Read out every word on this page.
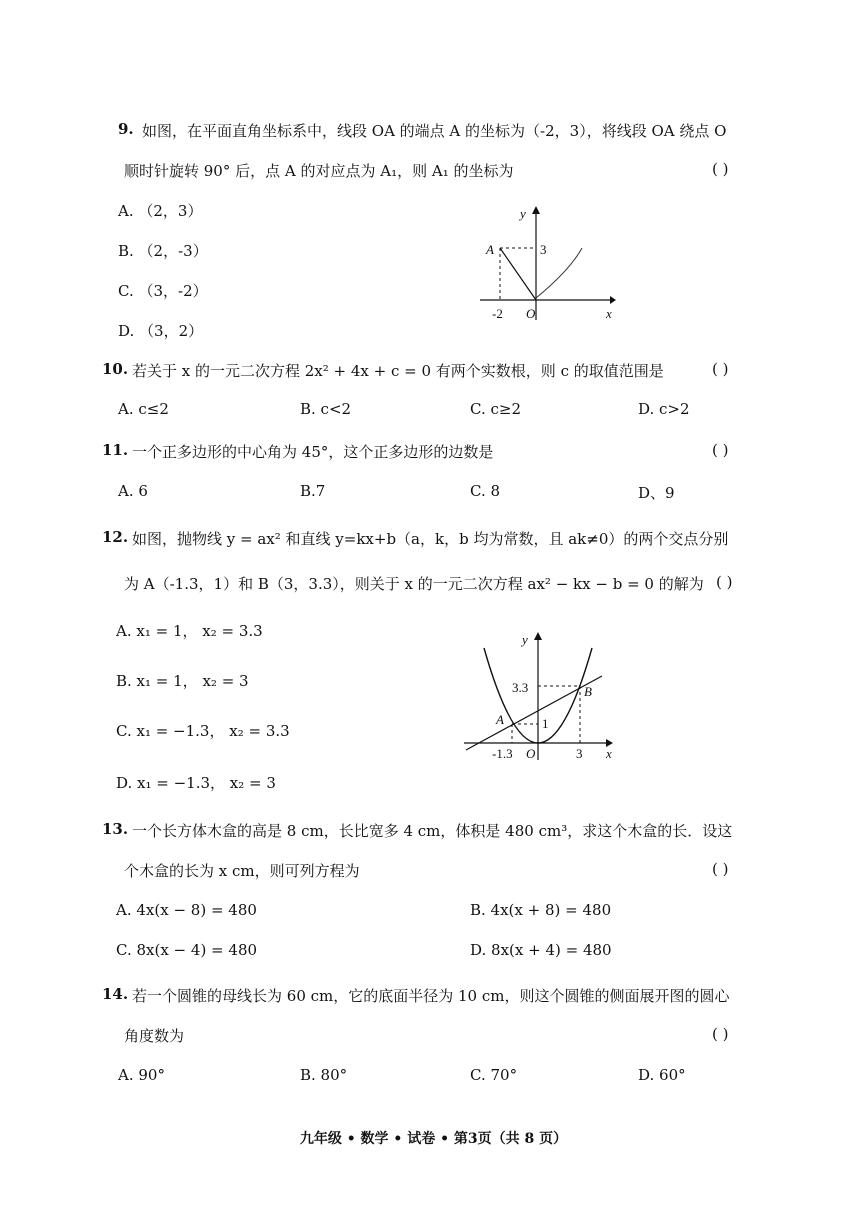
9. 如图，在平面直角坐标系中，线段 OA 的端点 A 的坐标为（-2，3），将线段 OA 绕点 O
顺时针旋转 90° 后，点 A 的对应点为 A₁，则 A₁ 的坐标为	( )
A. （2，3）
B. （2，-3）
C. （3，-2）
D. （3，2）
y
A	3
-2 O	x
10. 若关于 x 的一元二次方程 2x² + 4x + c = 0 有两个实数根，则 c 的取值范围是	( )
A. c≤2	B. c<2	C. c≥2	D. c>2
11. 一个正多边形的中心角为 45°，这个正多边形的边数是	( )
A. 6	B.7	C. 8	D、9
12. 如图，抛物线 y = ax² 和直线 y=kx+b（a，k，b 均为常数，且 ak≠0）的两个交点分别
为 A（-1.3，1）和 B（3，3.3），则关于 x 的一元二次方程 ax² − kx − b = 0 的解为 ( )
A. x₁ = 1， x₂ = 3.3
B. x₁ = 1， x₂ = 3
C. x₁ = −1.3， x₂ = 3.3
D. x₁ = −1.3， x₂ = 3
y
3.3	B
A	1
-1.3 O	3 x
13. 一个长方体木盒的高是 8 cm，长比宽多 4 cm，体积是 480 cm³，求这个木盒的长．设这
个木盒的长为 x cm，则可列方程为	( )
A. 4x(x − 8) = 480	B. 4x(x + 8) = 480
C. 8x(x − 4) = 480	D. 8x(x + 4) = 480
14. 若一个圆锥的母线长为 60 cm，它的底面半径为 10 cm，则这个圆锥的侧面展开图的圆心
角度数为	( )
A. 90°	B. 80°	C. 70°	D. 60°
九年级 • 数学 • 试卷 • 第3页（共 8 页）
